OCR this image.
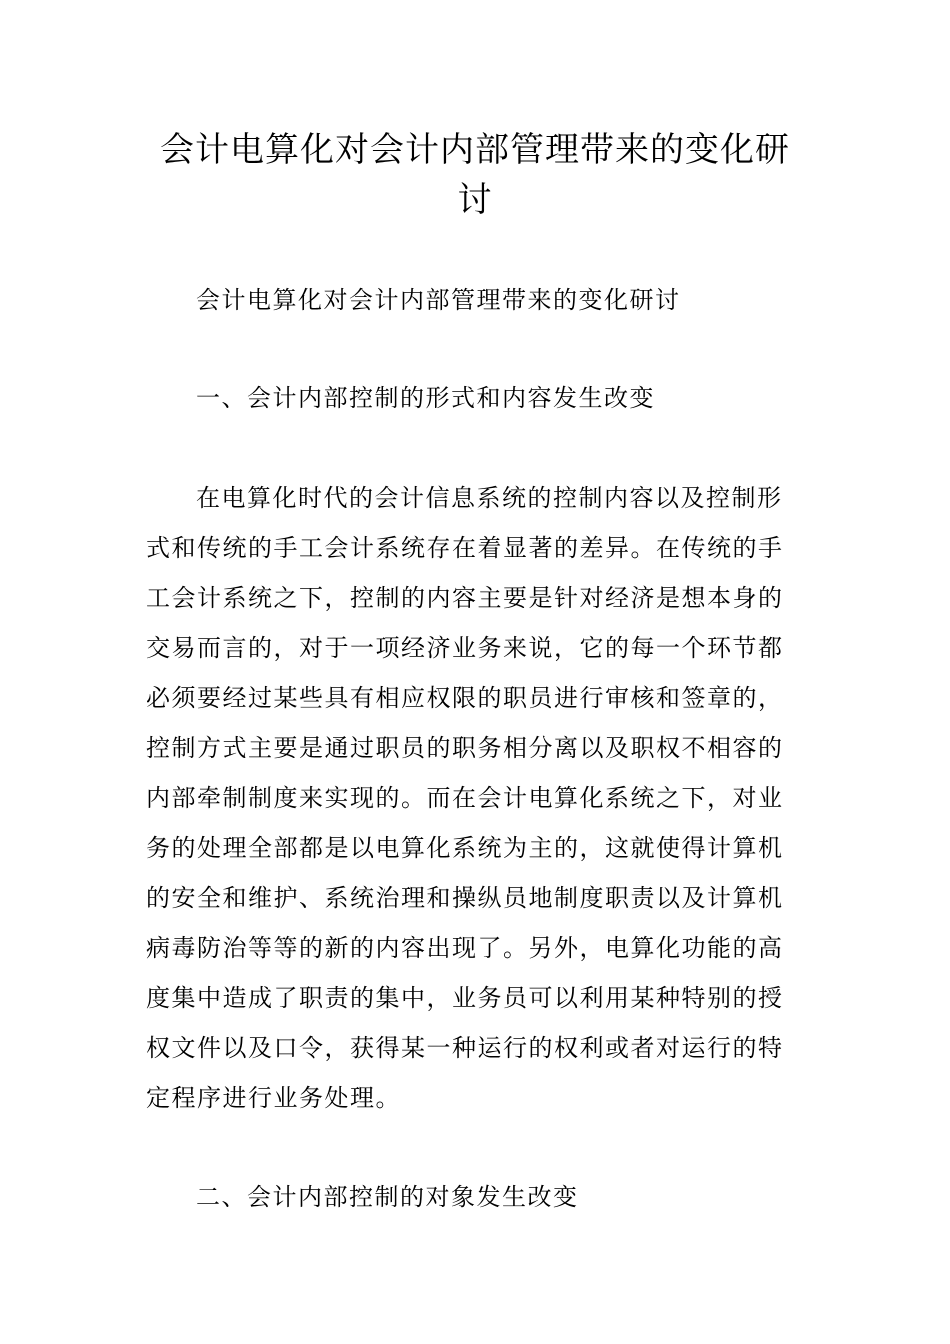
会计电算化对会计内部管理带来的变化研
讨
会计电算化对会计内部管理带来的变化研讨
一、会计内部控制的形式和内容发生改变
在电算化时代的会计信息系统的控制内容以及控制形
式和传统的手工会计系统存在着显著的差异。在传统的手
工会计系统之下，控制的内容主要是针对经济是想本身的
交易而言的，对于一项经济业务来说，它的每一个环节都
必须要经过某些具有相应权限的职员进行审核和签章的，
控制方式主要是通过职员的职务相分离以及职权不相容的
内部牵制制度来实现的。而在会计电算化系统之下，对业
务的处理全部都是以电算化系统为主的，这就使得计算机
的安全和维护、系统治理和操纵员地制度职责以及计算机
病毒防治等等的新的内容出现了。另外，电算化功能的高
度集中造成了职责的集中，业务员可以利用某种特别的授
权文件以及口令，获得某一种运行的权利或者对运行的特
定程序进行业务处理。
二、会计内部控制的对象发生改变
